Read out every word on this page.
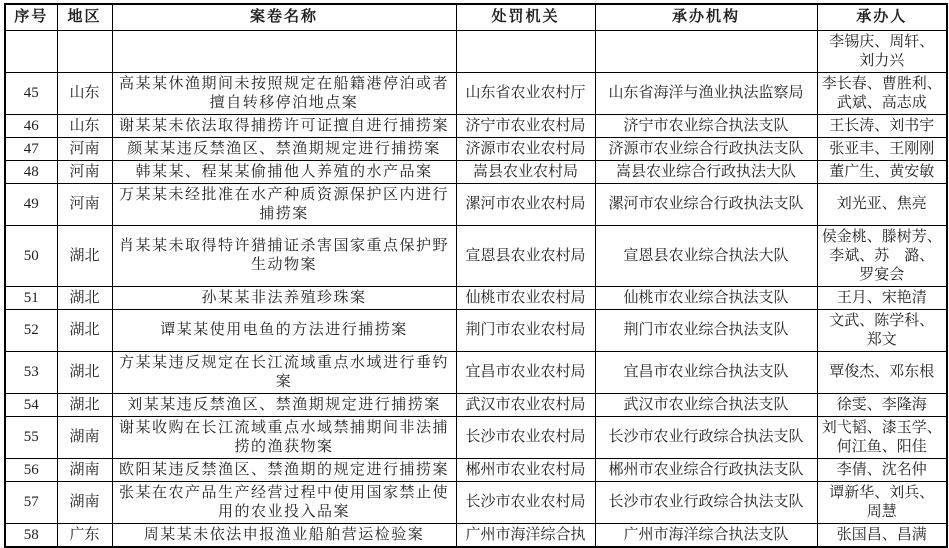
序号	地区	案卷名称	处罚机关	承办机构	承办人
					李锡庆、周轩、刘力兴
45	山东	高某某休渔期间未按照规定在船籍港停泊或者擅自转移停泊地点案	山东省农业农村厅	山东省海洋与渔业执法监察局	李长春、曹胜利、武斌、高志成
46	山东	谢某某未依法取得捕捞许可证擅自进行捕捞案	济宁市农业农村局	济宁市农业综合执法支队	王长涛、刘书宇
47	河南	颜某某违反禁渔区、禁渔期规定进行捕捞案	济源市农业农村局	济源市农业综合行政执法支队	张亚丰、王刚刚
48	河南	韩某某、程某某偷捕他人养殖的水产品案	嵩县农业农村局	嵩县农业综合行政执法大队	董广生、黄安敏
49	河南	万某某未经批准在水产种质资源保护区内进行捕捞案	漯河市农业农村局	漯河市农业综合行政执法支队	刘光亚、焦亮
50	湖北	肖某某未取得特许猎捕证杀害国家重点保护野生动物案	宣恩县农业农村局	宣恩县农业综合执法大队	侯金桃、滕树芳、李斌、苏　潞、罗宴会
51	湖北	孙某某非法养殖珍珠案	仙桃市农业农村局	仙桃市农业综合执法支队	王月、宋艳清
52	湖北	谭某某使用电鱼的方法进行捕捞案	荆门市农业农村局	荆门市农业综合执法支队	文武、陈学科、郑文
53	湖北	方某某违反规定在长江流域重点水域进行垂钓案	宜昌市农业农村局	宜昌市农业综合执法支队	覃俊杰、邓东根
54	湖北	刘某某违反禁渔区、禁渔期规定进行捕捞案	武汉市农业农村局	武汉市农业综合执法支队	徐雯、李隆海
55	湖南	谢某收购在长江流域重点水域禁捕期间非法捕捞的渔获物案	长沙市农业农村局	长沙市农业行政综合执法支队	刘弋韬、漆玉学、何江鱼、阳佳
56	湖南	欧阳某违反禁渔区、禁渔期的规定进行捕捞案	郴州市农业农村局	郴州市农业综合行政执法支队	李倩、沈名仲
57	湖南	张某在农产品生产经营过程中使用国家禁止使用的农业投入品案	长沙市农业农村局	长沙市农业行政综合执法支队	谭新华、刘兵、周慧
58	广东	周某某未依法申报渔业船舶营运检验案	广州市海洋综合执	广州市海洋综合执法支队	张国昌、昌满
